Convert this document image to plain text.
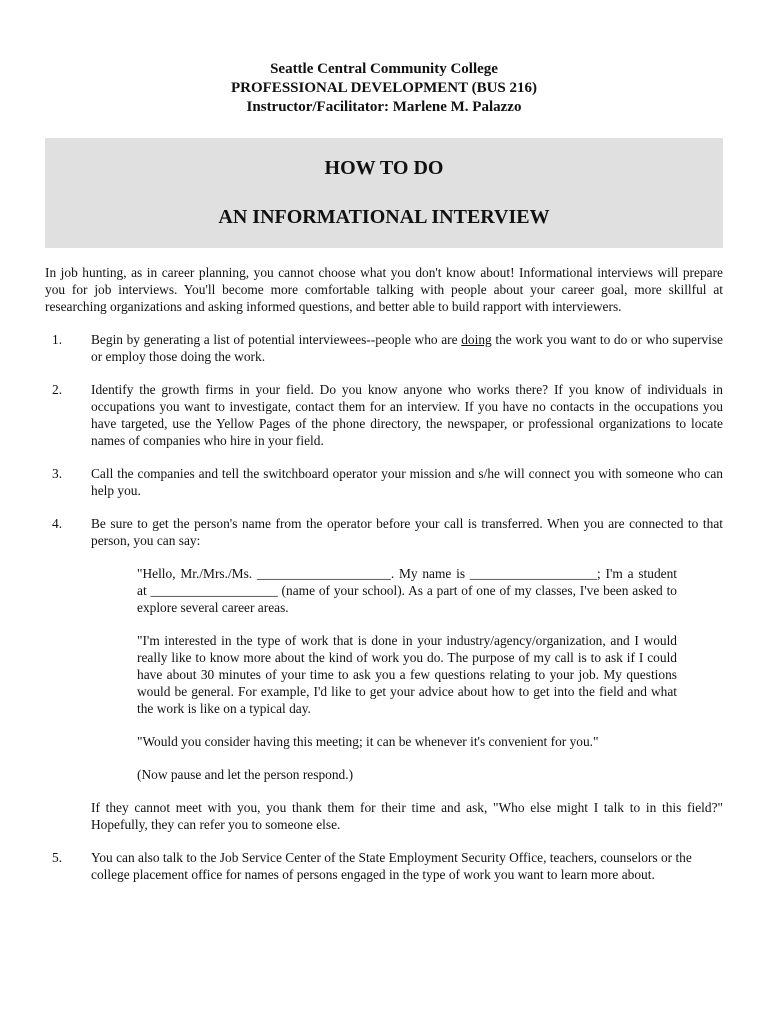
Seattle Central Community College
PROFESSIONAL DEVELOPMENT (BUS 216)
Instructor/Facilitator: Marlene M. Palazzo
HOW TO DO
AN INFORMATIONAL INTERVIEW

In job hunting, as in career planning, you cannot choose what you don't know about! Informational interviews will prepare you for job interviews. You'll become more comfortable talking with people about your career goal, more skillful at researching organizations and asking informed questions, and better able to build rapport with interviewers.

1. Begin by generating a list of potential interviewees--people who are doing the work you want to do or who supervise or employ those doing the work.
2. Identify the growth firms in your field. Do you know anyone who works there? If you know of individuals in occupations you want to investigate, contact them for an interview. If you have no contacts in the occupations you have targeted, use the Yellow Pages of the phone directory, the newspaper, or professional organizations to locate names of companies who hire in your field.
3. Call the companies and tell the switchboard operator your mission and s/he will connect you with someone who can help you.
4. Be sure to get the person's name from the operator before your call is transferred. When you are connected to that person, you can say:
"Hello, Mr./Mrs./Ms. ____________________. My name is ___________________; I'm a student at ___________________ (name of your school). As a part of one of my classes, I've been asked to explore several career areas.
"I'm interested in the type of work that is done in your industry/agency/organization, and I would really like to know more about the kind of work you do. The purpose of my call is to ask if I could have about 30 minutes of your time to ask you a few questions relating to your job. My questions would be general. For example, I'd like to get your advice about how to get into the field and what the work is like on a typical day.
"Would you consider having this meeting; it can be whenever it's convenient for you."
(Now pause and let the person respond.)
If they cannot meet with you, you thank them for their time and ask, "Who else might I talk to in this field?" Hopefully, they can refer you to someone else.
5. You can also talk to the Job Service Center of the State Employment Security Office, teachers, counselors or the college placement office for names of persons engaged in the type of work you want to learn more about.
